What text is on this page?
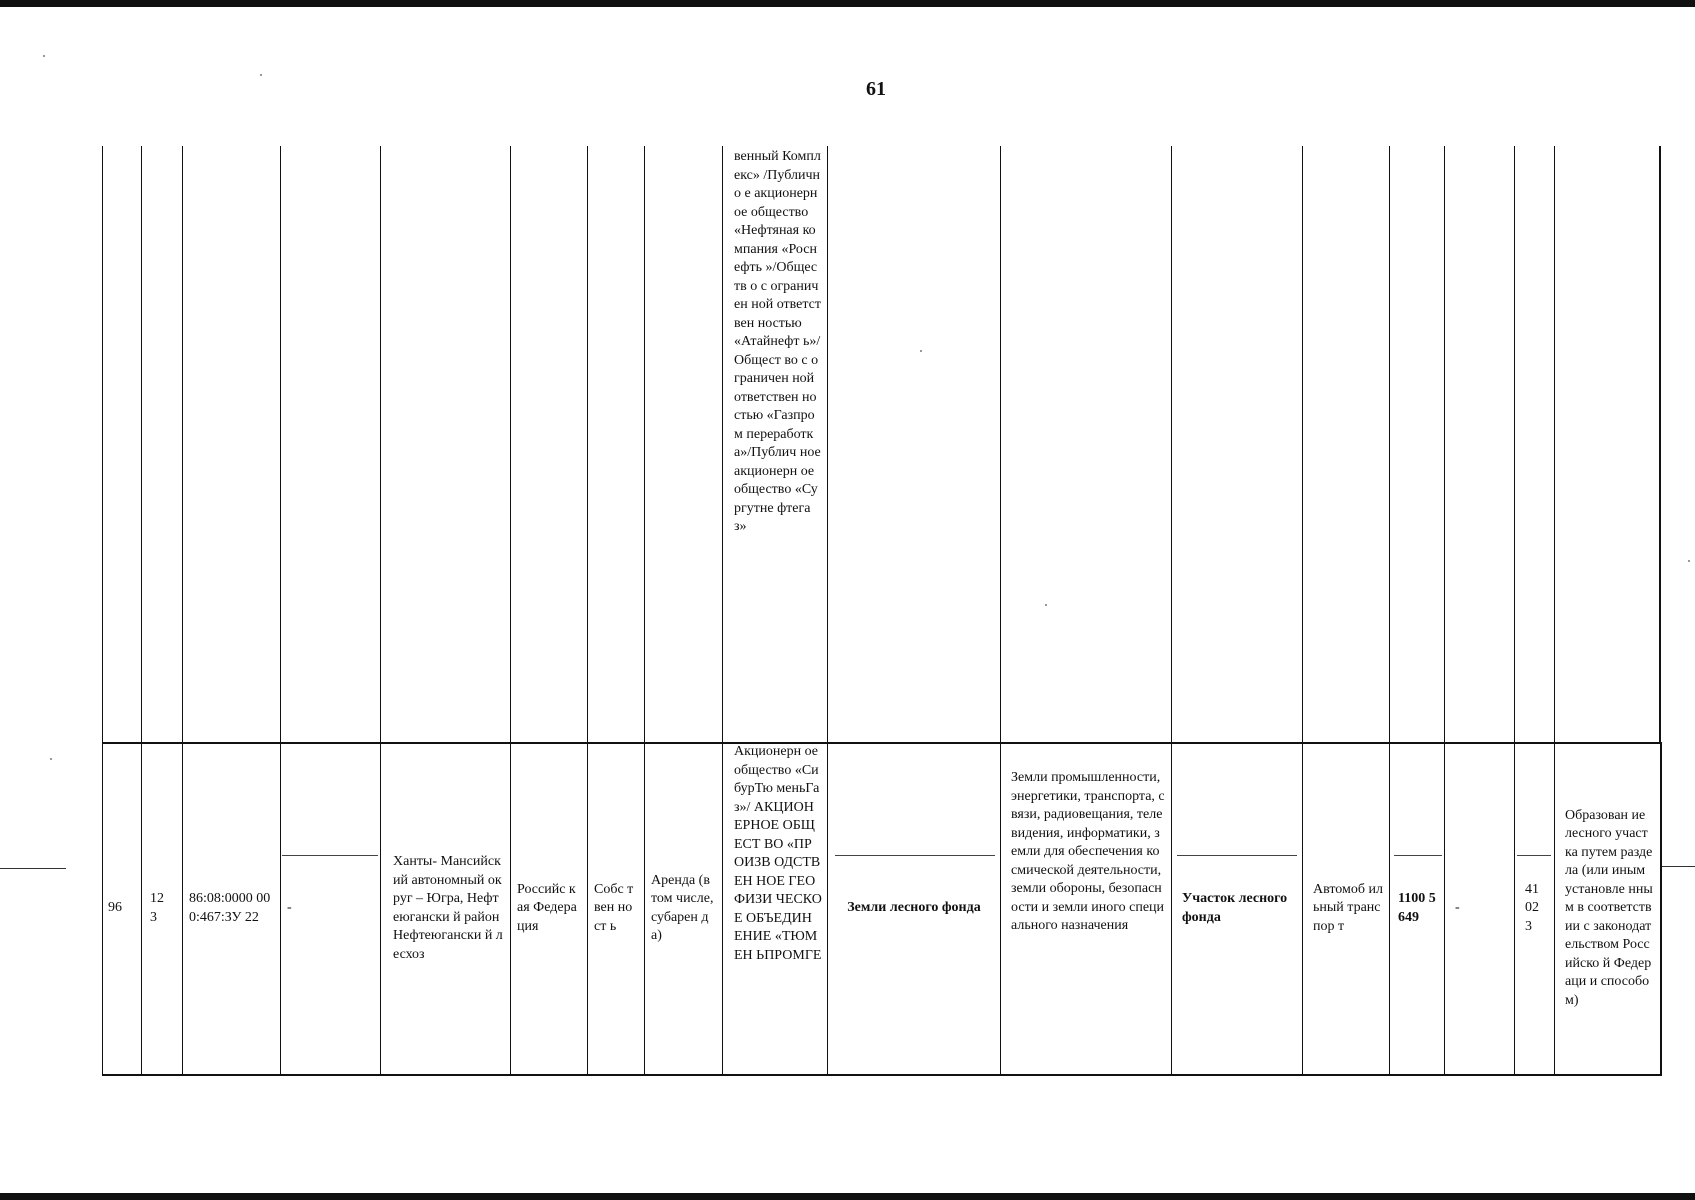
61
венный Комплекс» /Публично е акционерн ое общество «Нефтяная компания «Роснефть »/Обществ о с ограничен ной ответствен ностью «Атайнефт ь»/Общест во с ограничен ной ответствен ностью «Газпром переработк а»/Публич ное акционерн ое общество «Сургутне фтегаз»
96
12 3
86:08:0000 000:467:ЗУ 22
-
Ханты- Мансийский автономный округ – Югра, Нефтеюгански й район Нефтеюгански й лесхоз
Российс кая Федера ция
Собс твен ност ь
Аренда (в том числе, субарен да)
Акционерн ое общество «СибурТю меньГаз»/ АКЦИОН ЕРНОЕ ОБЩЕСТ ВО «ПРОИЗВ ОДСТВЕН НОЕ ГЕОФИЗИ ЧЕСКОЕ ОБЪЕДИН ЕНИЕ «ТЮМЕН ЬПРОМГЕ
Земли лесного фонда
Земли промышленности, энергетики, транспорта, связи, радиовещания, телевидения, информатики, земли для обеспечения космической деятельности, земли обороны, безопасности и земли иного специального назначения
Участок лесного фонда
Автомоб ильный транспор т
1100 5649
-
41 02 3
Образован ие лесного участка путем раздела (или иным установле нным в соответств ии с законодат ельством Российско й Федераци и способом)
